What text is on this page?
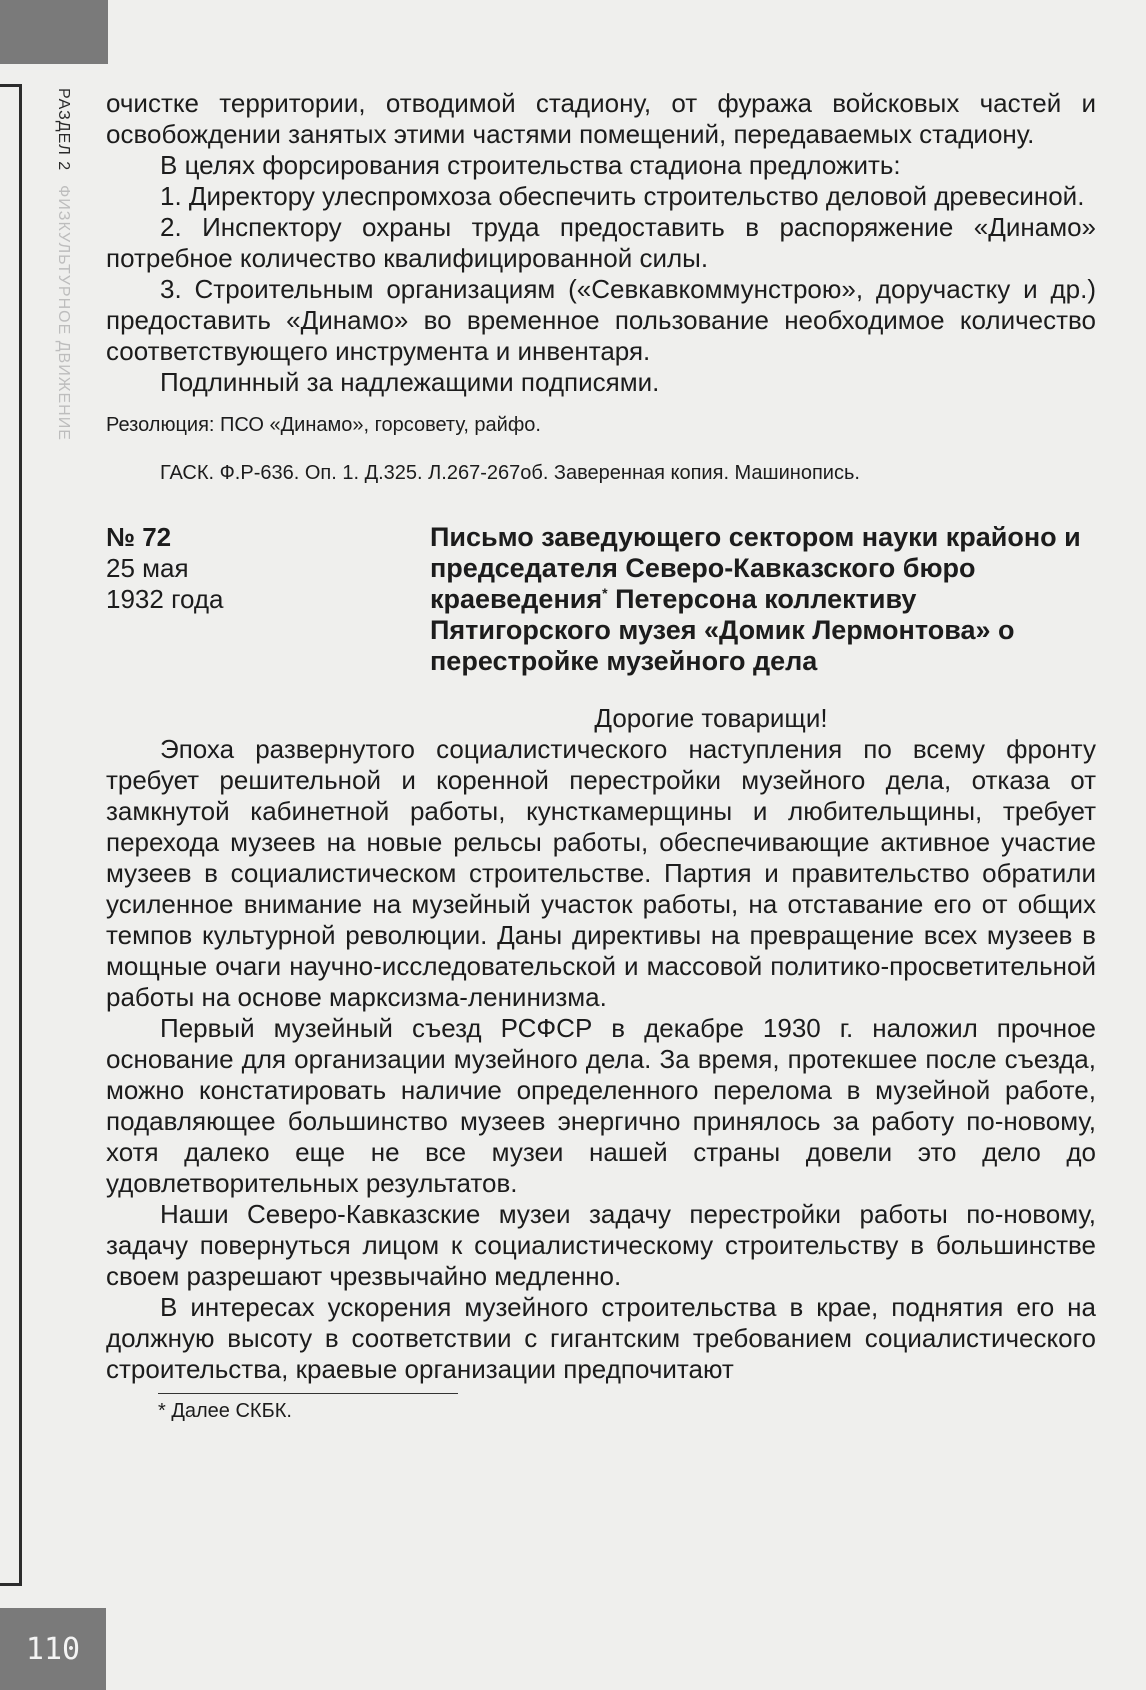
РАЗДЕЛ 2ФИЗКУЛЬТУРНОЕ ДВИЖЕНИЕ

очистке территории, отводимой стадиону, от фуража войсковых частей и освобождении занятых этими частями помещений, передаваемых стадиону.

В целях форсирования строительства стадиона предложить:

1. Директору улеспромхоза обеспечить строительство деловой древесиной.

2. Инспектору охраны труда предоставить в распоряжение «Динамо» потребное количество квалифицированной силы.

3. Строительным организациям («Севкавкоммунстрою», доручастку и др.) предоставить «Динамо» во временное пользование необходимое количество соответствующего инструмента и инвентаря.

Подлинный за надлежащими подписями.

Резолюция: ПСО «Динамо», горсовету, райфо.

ГАСК. Ф.Р-636. Оп. 1. Д.325. Л.267-267об. Заверенная копия. Машинопись.

№ 72
25 мая
1932 года
Письмо заведующего сектором науки крайоно и председателя Северо-Кавказского бюро краеведения* Петерсона коллективу Пятигорского музея «Домик Лермонтова» о перестройке музейного дела

Дорогие товарищи!

Эпоха развернутого социалистического наступления по всему фронту требует решительной и коренной перестройки музейного дела, отказа от замкнутой кабинетной работы, кунсткамерщины и любительщины, требует перехода музеев на новые рельсы работы, обеспечивающие активное участие музеев в социалистическом строительстве. Партия и правительство обратили усиленное внимание на музейный участок работы, на отставание его от общих темпов культурной революции. Даны директивы на превращение всех музеев в мощные очаги научно-исследовательской и массовой политико-просветительной работы на основе марксизма-ленинизма.

Первый музейный съезд РСФСР в декабре 1930 г. наложил прочное основание для организации музейного дела. За время, протекшее после съезда, можно констатировать наличие определенного перелома в музейной работе, подавляющее большинство музеев энергично принялось за работу по-новому, хотя далеко еще не все музеи нашей страны довели это дело до удовлетворительных результатов.

Наши Северо-Кавказские музеи задачу перестройки работы по-новому, задачу повернуться лицом к социалистическому строительству в большинстве своем разрешают чрезвычайно медленно.

В интересах ускорения музейного строительства в крае, поднятия его на должную высоту в соответствии с гигантским требованием социалистического строительства, краевые организации предпочитают

* Далее СКБК.

110
